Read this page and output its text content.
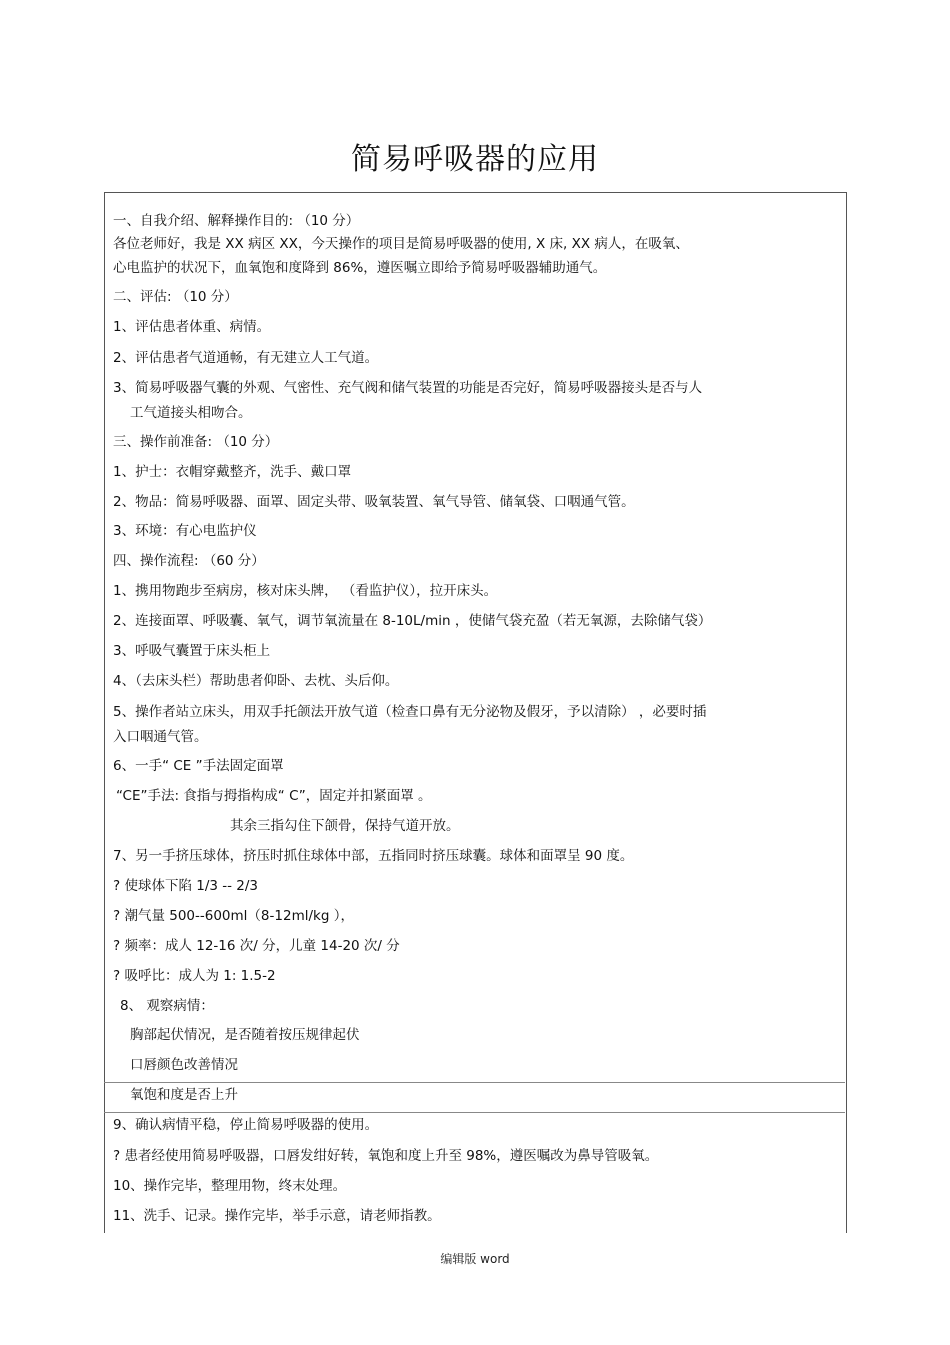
简易呼吸器的应用
一、自我介绍、解释操作目的: （10 分）
各位老师好，我是 XX 病区 XX，今天操作的项目是简易呼吸器的使用, X 床, XX 病人，在吸氧、
心电监护的状况下，血氧饱和度降到 86%，遵医嘱立即给予简易呼吸器辅助通气。
二、评估: （10 分）
1、评估患者体重、病情。
2、评估患者气道通畅，有无建立人工气道。
3、简易呼吸器气囊的外观、气密性、充气阀和储气装置的功能是否完好，简易呼吸器接头是否与人
工气道接头相吻合。
三、操作前准备: （10 分）
1、护士：衣帽穿戴整齐，洗手、戴口罩
2、物品：简易呼吸器、面罩、固定头带、吸氧装置、氧气导管、储氧袋、口咽通气管。
3、环境：有心电监护仪
四、操作流程: （60 分）
1、携用物跑步至病房，核对床头牌， （看监护仪），拉开床头。
2、连接面罩、呼吸囊、氧气，调节氧流量在 8-10L/min ，使储气袋充盈（若无氧源，去除储气袋）
3、呼吸气囊置于床头柜上
4、（去床头栏）帮助患者仰卧、去枕、头后仰。
5、操作者站立床头，用双手托颌法开放气道（检查口鼻有无分泌物及假牙，予以清除） ，必要时插
入口咽通气管。
6、一手“ CE ”手法固定面罩
“CE”手法: 食指与拇指构成“ C”，固定并扣紧面罩 。
其余三指勾住下颌骨，保持气道开放。
7、另一手挤压球体，挤压时抓住球体中部，五指同时挤压球囊。球体和面罩呈 90 度。
? 使球体下陷 1/3 -- 2/3
? 潮气量 500--600ml（8-12ml/kg ），
? 频率：成人 12-16 次/ 分，儿童 14-20 次/ 分
? 吸呼比：成人为 1: 1.5-2
8、 观察病情：
胸部起伏情况，是否随着按压规律起伏
口唇颜色改善情况
氧饱和度是否上升
9、确认病情平稳，停止简易呼吸器的使用。
? 患者经使用简易呼吸器，口唇发绀好转，氧饱和度上升至 98%，遵医嘱改为鼻导管吸氧。
10、操作完毕，整理用物，终末处理。
11、洗手、记录。操作完毕，举手示意，请老师指教。
编辑版 word
